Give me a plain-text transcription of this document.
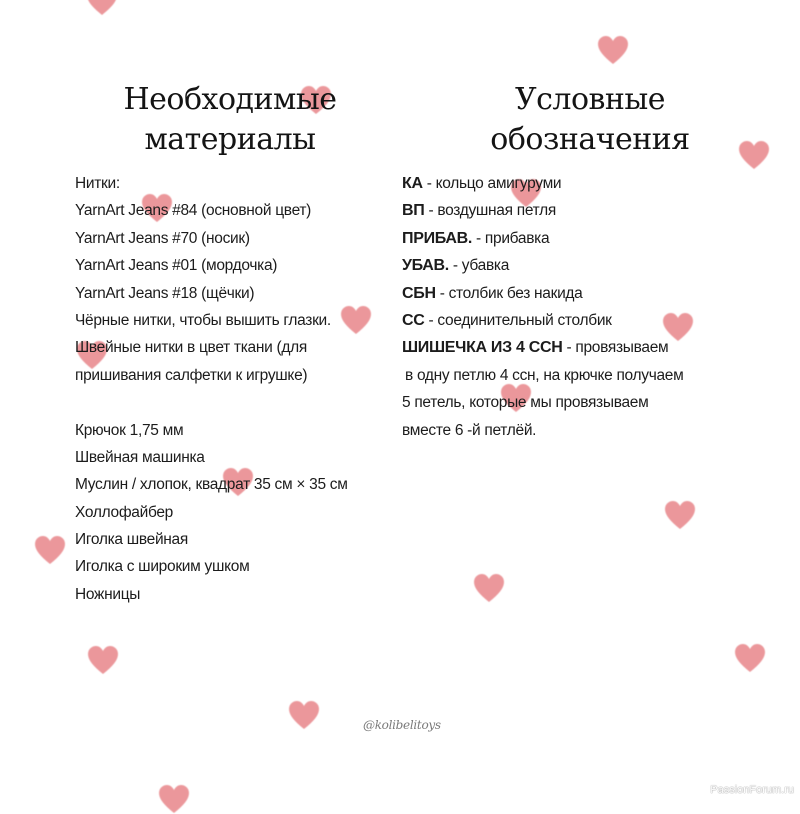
Необходимые
материалы
Условные
обозначения
Нитки:
YarnArt Jeans #84 (основной цвет)
YarnArt Jeans #70 (носик)
YarnArt Jeans #01 (мордочка)
YarnArt Jeans #18 (щёчки)
Чёрные нитки, чтобы вышить глазки.
Швейные нитки в цвет ткани (для
пришивания салфетки к игрушке)
Крючок 1,75 мм
Швейная машинка
Муслин / хлопок, квадрат 35 см × 35 см
Холлофайбер
Иголка швейная
Иголка с широким ушком
Ножницы
КА - кольцо амигуруми
ВП - воздушная петля
ПРИБАВ. - прибавка
УБАВ. - убавка
СБН - столбик без накида
СС - соединительный столбик
ШИШЕЧКА ИЗ 4 ССН - провязываем
в одну петлю 4 ссн, на крючке получаем
5 петель, которые мы провязываем
вместе 6 -й петлёй.
@kolibelitoys
PassionForum.ru
